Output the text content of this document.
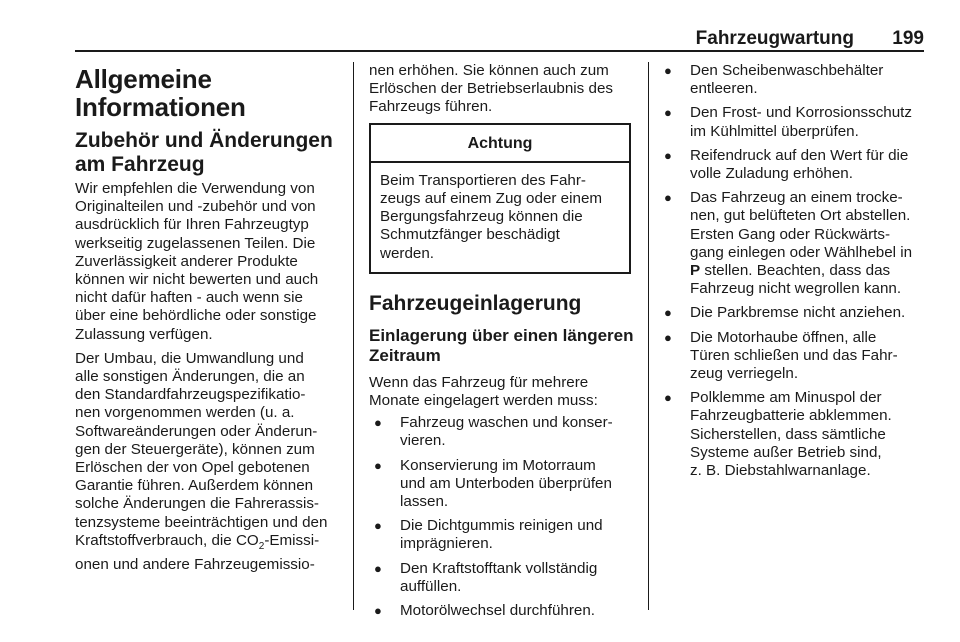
Fahrzeugwartung 199
Allgemeine
Informationen
Zubehör und Änderungen
am Fahrzeug
Wir empfehlen die Verwendung von
Originalteilen und -zubehör und von
ausdrücklich für Ihren Fahrzeugtyp
werkseitig zugelassenen Teilen. Die
Zuverlässigkeit anderer Produkte
können wir nicht bewerten und auch
nicht dafür haften - auch wenn sie
über eine behördliche oder sonstige
Zulassung verfügen.
Der Umbau, die Umwandlung und
alle sonstigen Änderungen, die an
den Standardfahrzeugspezifikatio-
nen vorgenommen werden (u. a.
Softwareänderungen oder Änderun-
gen der Steuergeräte), können zum
Erlöschen der von Opel gebotenen
Garantie führen. Außerdem können
solche Änderungen die Fahrerassis-
tenzsysteme beeinträchtigen und den
Kraftstoffverbrauch, die $CO_2-Emissi-$
onen und andere Fahrzeugemissio-
nen erhöhen. Sie können auch zum
Erlöschen der Betriebserlaubnis des
Fahrzeugs führen.
Achtung
Beim Transportieren des Fahr-
zeugs auf einem Zug oder einem
Bergungsfahrzeug können die
Schmutzfänger beschädigt
werden.
Fahrzeugeinlagerung
Einlagerung über einen längeren
Zeitraum
Wenn das Fahrzeug für mehrere
Monate eingelagert werden muss:
● Fahrzeug waschen und konser-
vieren.
● Konservierung im Motorraum
und am Unterboden überprüfen
lassen.
● Die Dichtgummis reinigen und
imprägnieren.
● Den Kraftstofftank vollständig
auffüllen.
● Motorölwechsel durchführen.
● Den Scheibenwaschbehälter
entleeren.
● Den Frost- und Korrosionsschutz
im Kühlmittel überprüfen.
● Reifendruck auf den Wert für die
volle Zuladung erhöhen.
● Das Fahrzeug an einem trocke-
nen, gut belüfteten Ort abstellen.
Ersten Gang oder Rückwärts-
gang einlegen oder Wählhebel in
P stellen. Beachten, dass das
Fahrzeug nicht wegrollen kann.
● Die Parkbremse nicht anziehen.
● Die Motorhaube öffnen, alle
Türen schließen und das Fahr-
zeug verriegeln.
● Polklemme am Minuspol der
Fahrzeugbatterie abklemmen.
Sicherstellen, dass sämtliche
Systeme außer Betrieb sind,
z. B. Diebstahlwarnanlage.
